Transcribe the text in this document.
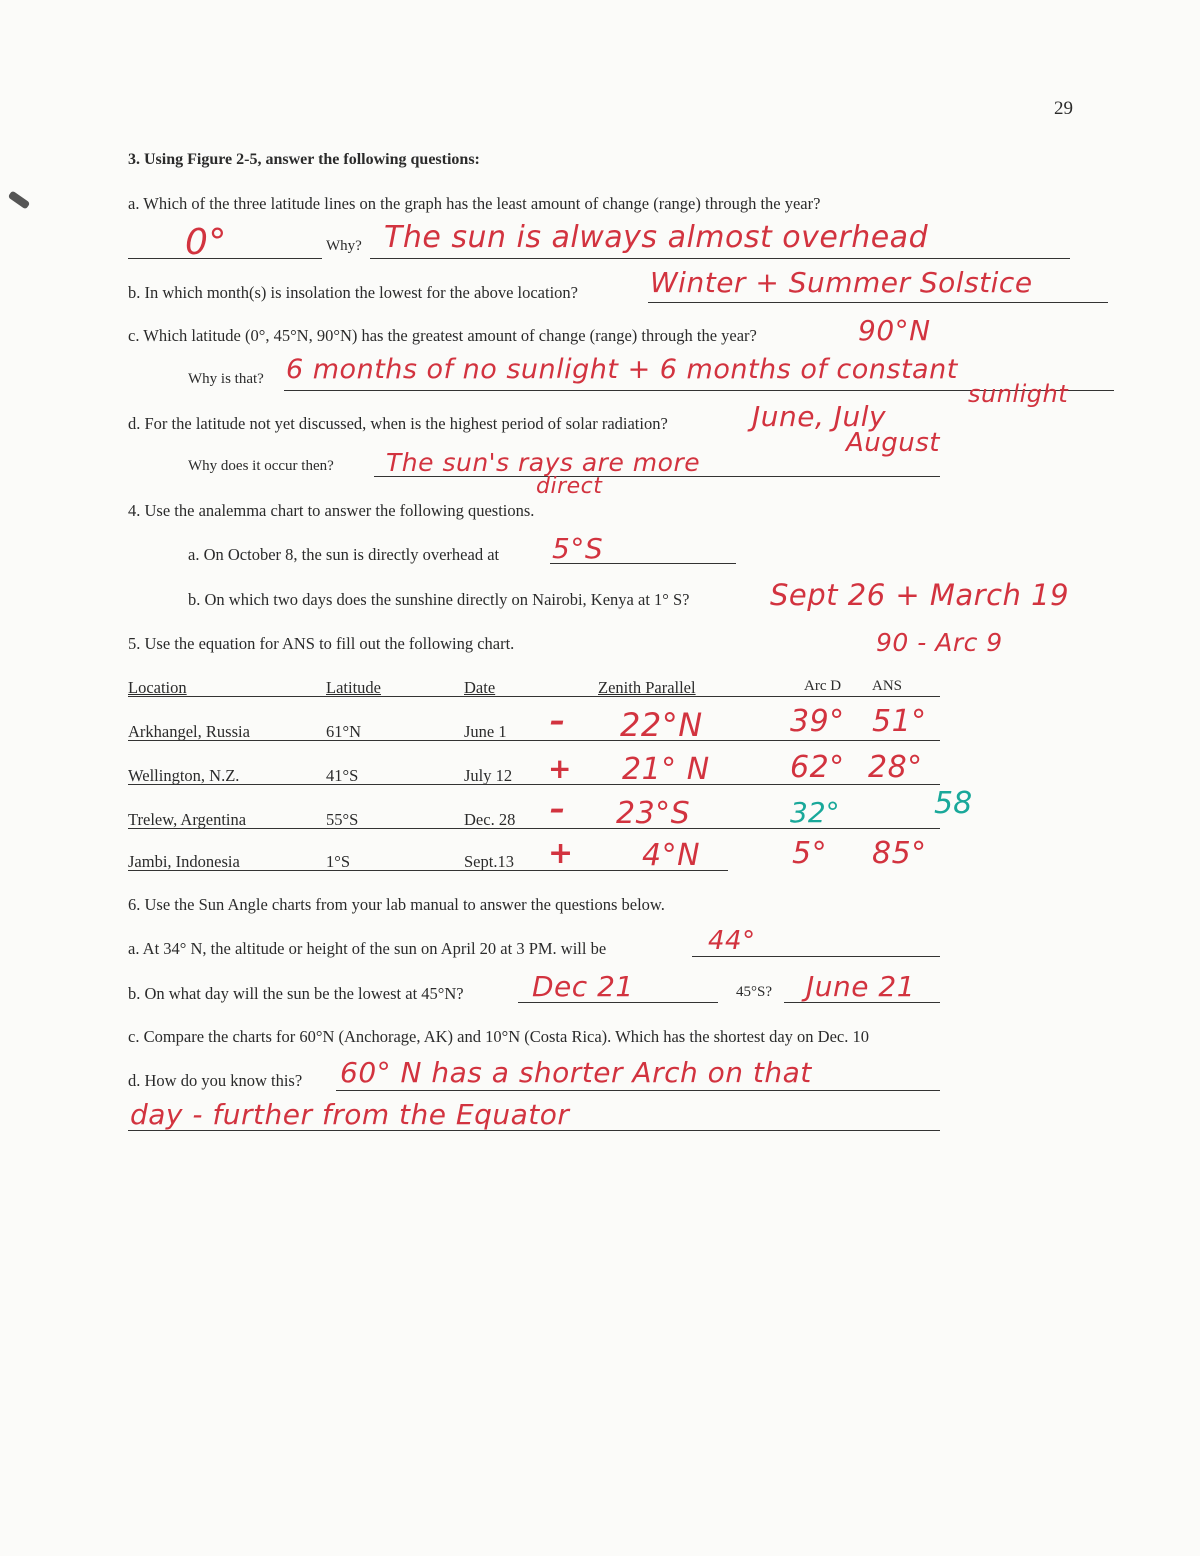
29
3. Using Figure 2-5, answer the following questions:
a. Which of the three latitude lines on the graph has the least amount of change (range) through the year?
0°	Why? The sun is always almost overhead
b. In which month(s) is insolation the lowest for the above location?	Winter + Summer Solstice
c. Which latitude (0°, 45°N, 90°N) has the greatest amount of change (range) through the year?	90°N
Why is that? 6 months of no sunlight + 6 months of constant
sunlight
d. For the latitude not yet discussed, when is the highest period of solar radiation?	June, July
August
Why does it occur then? The sun's rays are more
direct
4. Use the analemma chart to answer the following questions.
a. On October 8, the sun is directly overhead at 5°S
b. On which two days does the sunshine directly on Nairobi, Kenya at 1° S?	Sept 26 + March 19
5. Use the equation for ANS to fill out the following chart.	90 - Arc 9
Location	Latitude	Date	Zenith Parallel	Arc D ANS
Arkhangel, Russia	61°N	June 1 – 22°N	39° 51°
Wellington, N.Z.	41°S	July 12 + 21° N	62° 28°
Trelew, Argentina	55°S	Dec. 28 – 23°S	32°	58
Jambi, Indonesia	1°S	Sept.13 + 4°N	5° 85°
6. Use the Sun Angle charts from your lab manual to answer the questions below.
a. At 34° N, the altitude or height of the sun on April 20 at 3 PM. will be	44°
b. On what day will the sun be the lowest at 45°N? Dec 21	45°S? June 21
c. Compare the charts for 60°N (Anchorage, AK) and 10°N (Costa Rica). Which has the shortest day on Dec. 10
d. How do you know this? 60° N has a shorter Arch on that
day - further from the Equator
